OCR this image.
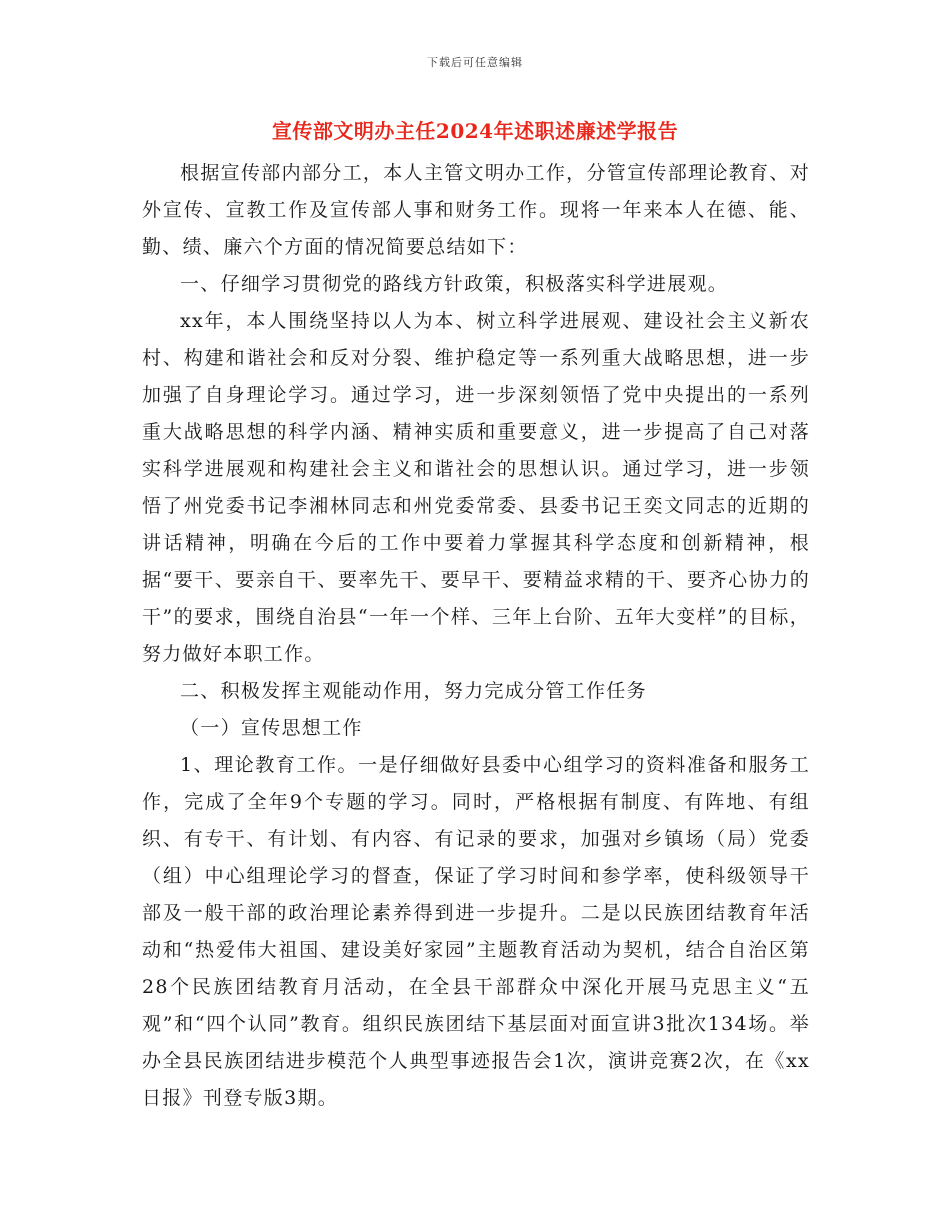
下载后可任意编辑
宣传部文明办主任2024年述职述廉述学报告

根据宣传部内部分工，本人主管文明办工作，分管宣传部理论教育、对外宣传、宣教工作及宣传部人事和财务工作。现将一年来本人在德、能、勤、绩、廉六个方面的情况简要总结如下：

一、仔细学习贯彻党的路线方针政策，积极落实科学进展观。

xx年，本人围绕坚持以人为本、树立科学进展观、建设社会主义新农村、构建和谐社会和反对分裂、维护稳定等一系列重大战略思想，进一步加强了自身理论学习。通过学习，进一步深刻领悟了党中央提出的一系列重大战略思想的科学内涵、精神实质和重要意义，进一步提高了自己对落实科学进展观和构建社会主义和谐社会的思想认识。通过学习，进一步领悟了州党委书记李湘林同志和州党委常委、县委书记王奕文同志的近期的讲话精神，明确在今后的工作中要着力掌握其科学态度和创新精神，根据“要干、要亲自干、要率先干、要早干、要精益求精的干、要齐心协力的干”的要求，围绕自治县“一年一个样、三年上台阶、五年大变样”的目标，努力做好本职工作。

二、积极发挥主观能动作用，努力完成分管工作任务

（一）宣传思想工作

1、理论教育工作。一是仔细做好县委中心组学习的资料准备和服务工作，完成了全年9个专题的学习。同时，严格根据有制度、有阵地、有组织、有专干、有计划、有内容、有记录的要求，加强对乡镇场（局）党委（组）中心组理论学习的督查，保证了学习时间和参学率，使科级领导干部及一般干部的政治理论素养得到进一步提升。二是以民族团结教育年活动和“热爱伟大祖国、建设美好家园”主题教育活动为契机，结合自治区第28个民族团结教育月活动，在全县干部群众中深化开展马克思主义“五观”和“四个认同”教育。组织民族团结下基层面对面宣讲3批次134场。举办全县民族团结进步模范个人典型事迹报告会1次，演讲竞赛2次，在《xx日报》刊登专版3期。
